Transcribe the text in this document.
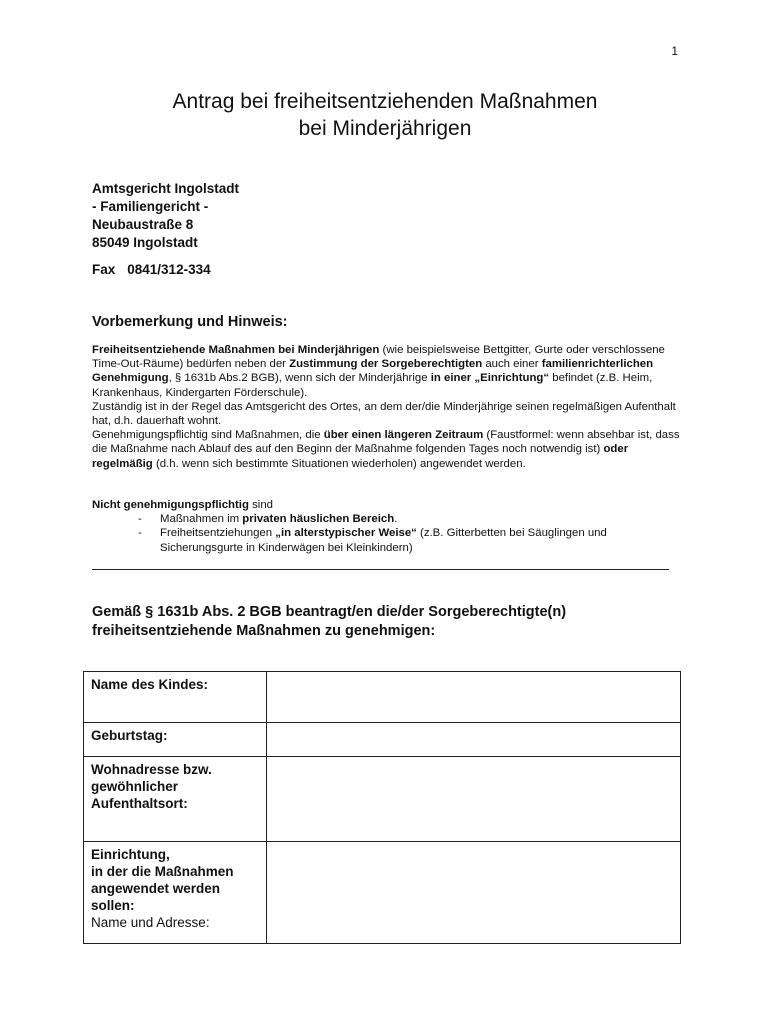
1
Antrag bei freiheitsentziehenden Maßnahmen
bei Minderjährigen
Amtsgericht Ingolstadt
- Familiengericht -
Neubaustraße 8
85049 Ingolstadt
Fax 0841/312-334
Vorbemerkung und Hinweis:

Freiheitsentziehende Maßnahmen bei Minderjährigen (wie beispielsweise Bettgitter, Gurte oder verschlossene Time-Out-Räume) bedürfen neben der Zustimmung der Sorgeberechtigten auch einer familienrichterlichen Genehmigung, § 1631b Abs.2 BGB), wenn sich der Minderjährige in einer „Einrichtung“ befindet (z.B. Heim, Krankenhaus, Kindergarten Förderschule).

Zuständig ist in der Regel das Amtsgericht des Ortes, an dem der/die Minderjährige seinen regelmäßigen Aufenthalt hat, d.h. dauerhaft wohnt.

Genehmigungspflichtig sind Maßnahmen, die über einen längeren Zeitraum (Faustformel: wenn absehbar ist, dass die Maßnahme nach Ablauf des auf den Beginn der Maßnahme folgenden Tages noch notwendig ist) oder regelmäßig (d.h. wenn sich bestimmte Situationen wiederholen) angewendet werden.

Nicht genehmigungspflichtig sind
- Maßnahmen im privaten häuslichen Bereich.
- Freiheitsentziehungen „in alterstypischer Weise“ (z.B. Gitterbetten bei Säuglingen und Sicherungsgurte in Kinderwägen bei Kleinkindern)
Gemäß § 1631b Abs. 2 BGB beantragt/en die/der Sorgeberechtigte(n)
freiheitsentziehende Maßnahmen zu genehmigen:
Name des Kindes:	
Geburtstag:	

Wohnadresse bzw.
gewöhnlicher
Aufenthaltsort:	

Einrichtung,
in der die Maßnahmen
angewendet werden
sollen:
Name und Adresse:	
